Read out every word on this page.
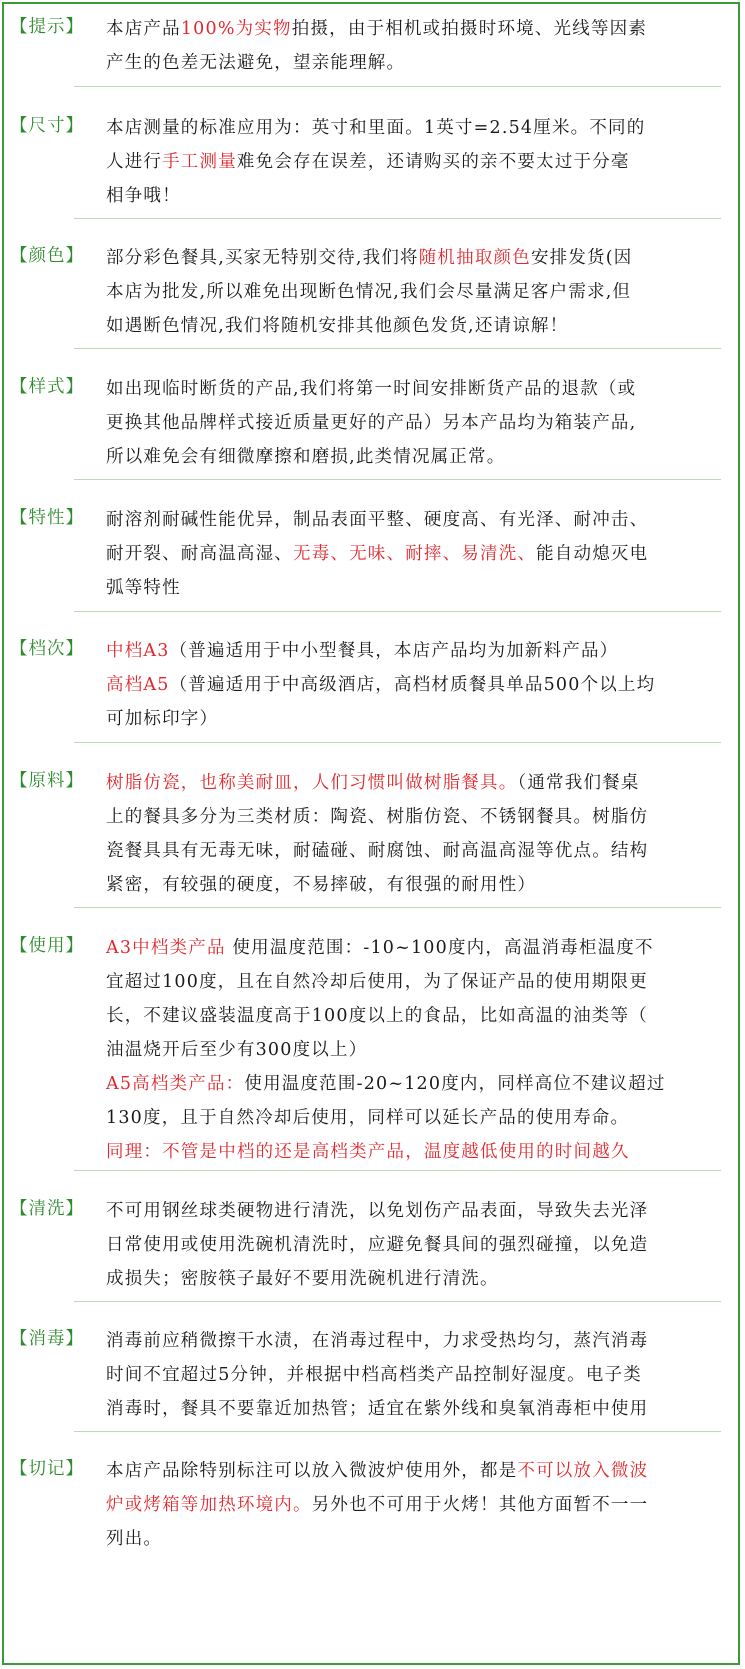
【提示】	本店产品100%为实物拍摄，由于相机或拍摄时环境、光线等因素
产生的色差无法避免，望亲能理解。
【尺寸】	本店测量的标准应用为：英寸和里面。1英寸=2.54厘米。不同的
人进行手工测量难免会存在误差，还请购买的亲不要太过于分毫
相争哦！
【颜色】	部分彩色餐具,买家无特别交待,我们将随机抽取颜色安排发货(因
本店为批发,所以难免出现断色情况,我们会尽量满足客户需求,但
如遇断色情况,我们将随机安排其他颜色发货,还请谅解！
【样式】	如出现临时断货的产品,我们将第一时间安排断货产品的退款（或
更换其他品牌样式接近质量更好的产品）另本产品均为箱装产品,
所以难免会有细微摩擦和磨损,此类情况属正常。
【特性】	耐溶剂耐碱性能优异，制品表面平整、硬度高、有光泽、耐冲击、
耐开裂、耐高温高湿、无毒、无味、耐摔、易清洗、能自动熄灭电
弧等特性
【档次】	中档A3（普遍适用于中小型餐具，本店产品均为加新料产品）
高档A5（普遍适用于中高级酒店，高档材质餐具单品500个以上均
可加标印字）
【原料】	树脂仿瓷，也称美耐皿，人们习惯叫做树脂餐具。（通常我们餐桌
上的餐具多分为三类材质：陶瓷、树脂仿瓷、不锈钢餐具。树脂仿
瓷餐具具有无毒无味，耐磕碰、耐腐蚀、耐高温高湿等优点。结构
紧密，有较强的硬度，不易摔破，有很强的耐用性）
【使用】	A3中档类产品 使用温度范围：-10~100度内，高温消毒柜温度不
宜超过100度，且在自然冷却后使用，为了保证产品的使用期限更
长，不建议盛装温度高于100度以上的食品，比如高温的油类等（
油温烧开后至少有300度以上）
A5高档类产品：使用温度范围-20~120度内，同样高位不建议超过
130度，且于自然冷却后使用，同样可以延长产品的使用寿命。
同理：不管是中档的还是高档类产品，温度越低使用的时间越久
【清洗】	不可用钢丝球类硬物进行清洗，以免划伤产品表面，导致失去光泽
日常使用或使用洗碗机清洗时，应避免餐具间的强烈碰撞，以免造
成损失；密胺筷子最好不要用洗碗机进行清洗。
【消毒】	消毒前应稍微擦干水渍，在消毒过程中，力求受热均匀，蒸汽消毒
时间不宜超过5分钟，并根据中档高档类产品控制好湿度。电子类
消毒时，餐具不要靠近加热管；适宜在紫外线和臭氧消毒柜中使用
【切记】	本店产品除特别标注可以放入微波炉使用外，都是不可以放入微波
炉或烤箱等加热环境内。另外也不可用于火烤！其他方面暂不一一
列出。
